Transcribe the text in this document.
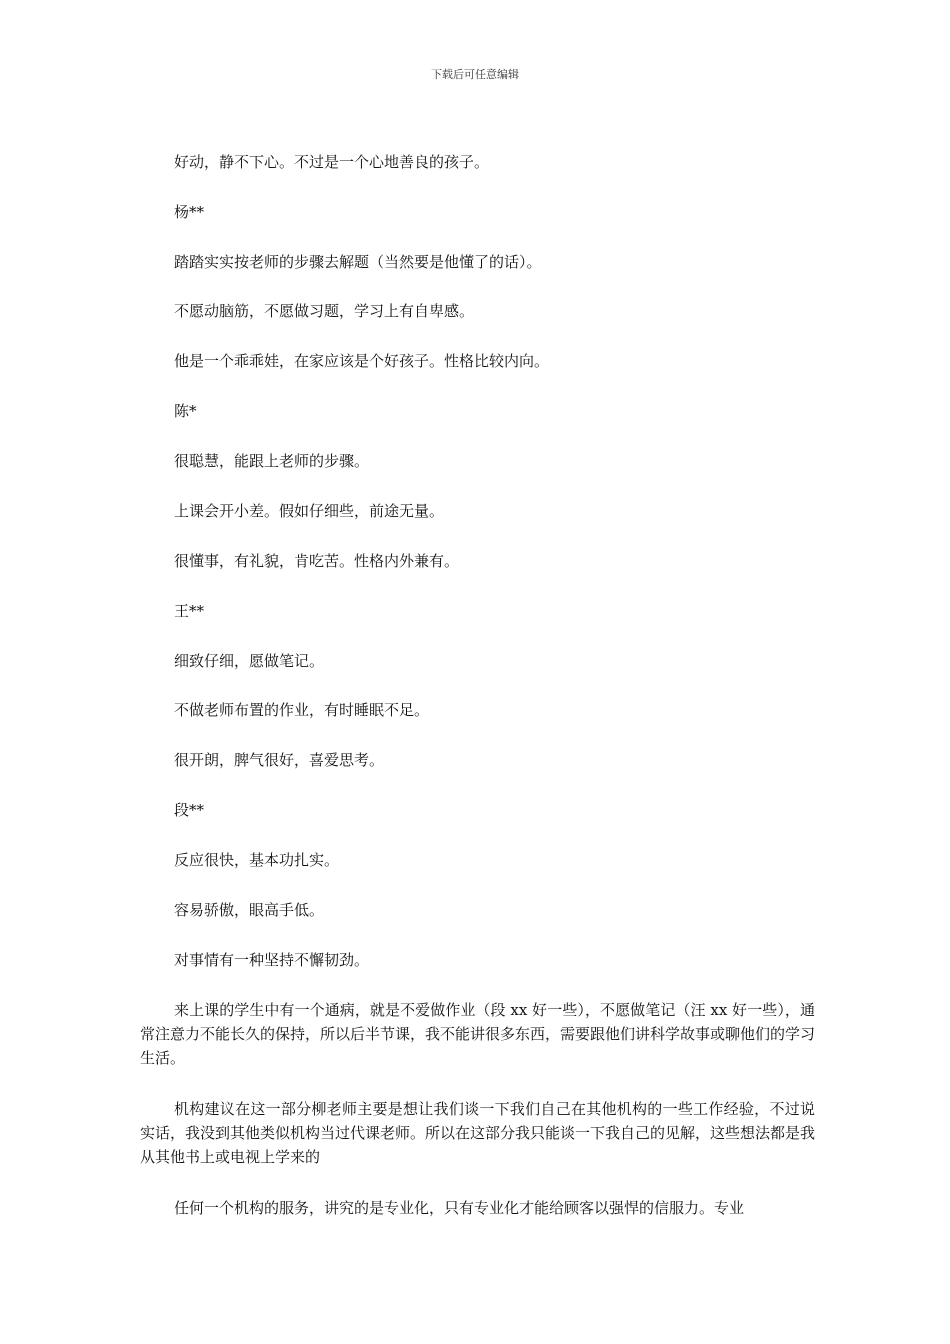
下载后可任意编辑
好动，静不下心。不过是一个心地善良的孩子。
杨**
踏踏实实按老师的步骤去解题（当然要是他懂了的话）。
不愿动脑筋，不愿做习题，学习上有自卑感。
他是一个乖乖娃，在家应该是个好孩子。性格比较内向。
陈*
很聪慧，能跟上老师的步骤。
上课会开小差。假如仔细些，前途无量。
很懂事，有礼貌，肯吃苦。性格内外兼有。
王**
细致仔细，愿做笔记。
不做老师布置的作业，有时睡眠不足。
很开朗，脾气很好，喜爱思考。
段**
反应很快，基本功扎实。
容易骄傲，眼高手低。
对事情有一种坚持不懈韧劲。

来上课的学生中有一个通病，就是不爱做作业（段 xx 好一些），不愿做笔记（汪 xx 好一些），通常注意力不能长久的保持，所以后半节课，我不能讲很多东西，需要跟他们讲科学故事或聊他们的学习生活。

机构建议在这一部分柳老师主要是想让我们谈一下我们自己在其他机构的一些工作经验，不过说实话，我没到其他类似机构当过代课老师。所以在这部分我只能谈一下我自己的见解，这些想法都是我从其他书上或电视上学来的

任何一个机构的服务，讲究的是专业化，只有专业化才能给顾客以强悍的信服力。专业
